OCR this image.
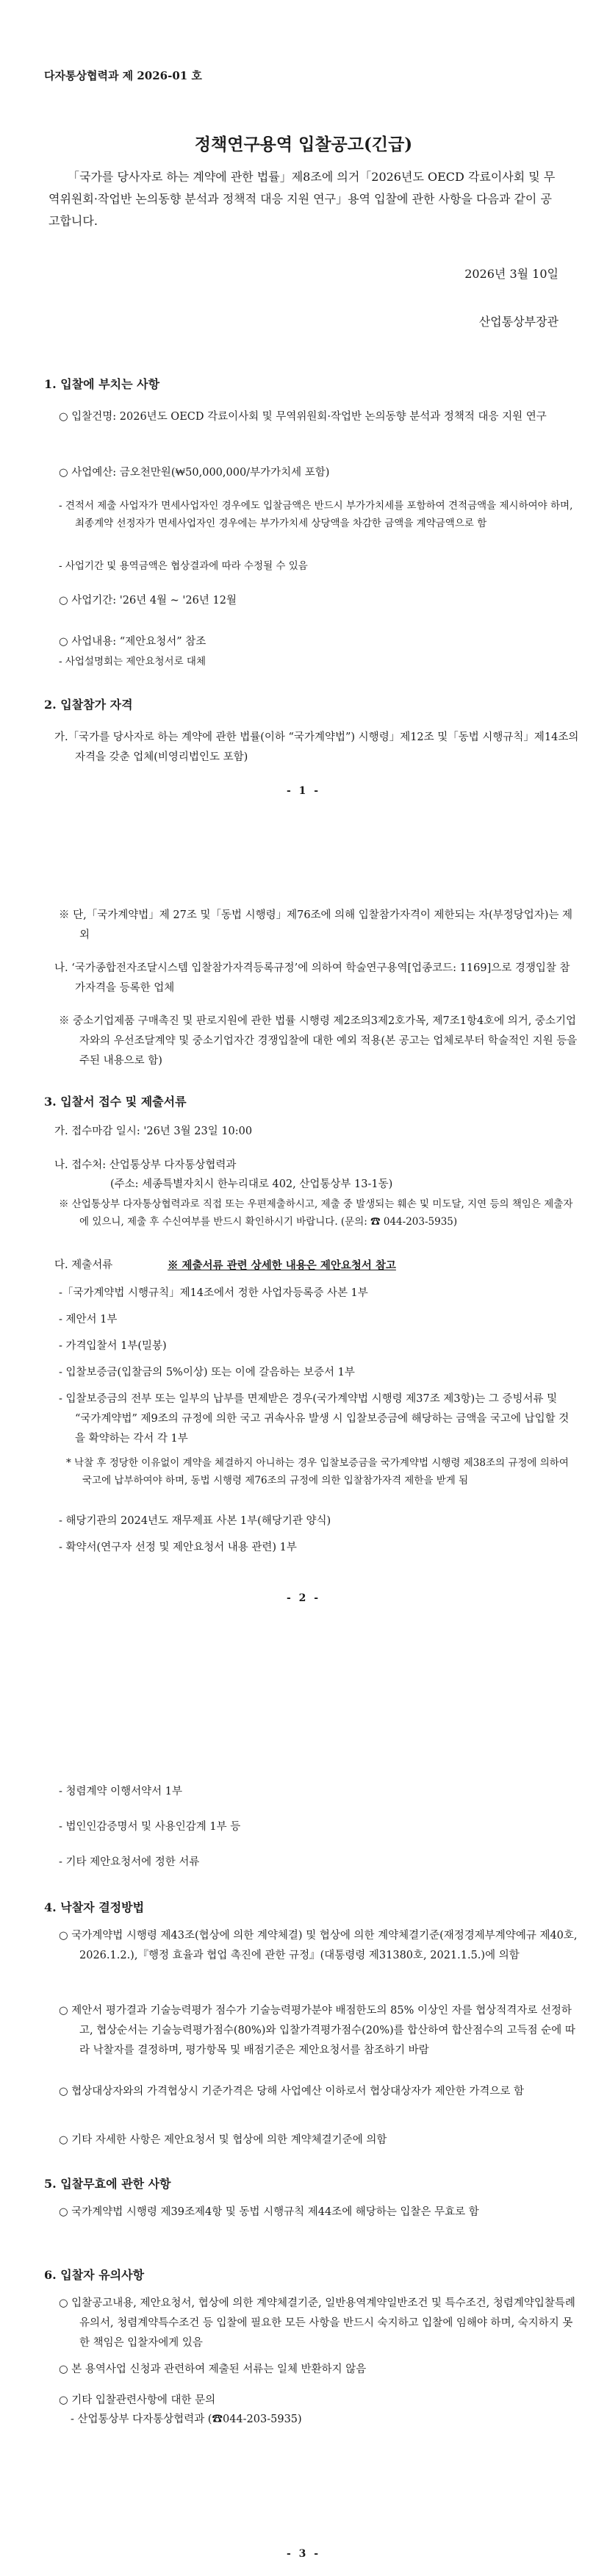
다자통상협력과 제 2026-01 호
정책연구용역 입찰공고(긴급)
「국가를 당사자로 하는 계약에 관한 법률」제8조에 의거「2026년도 OECD 각료이사회 및 무역위원회·작업반 논의동향 분석과 정책적 대응 지원 연구」용역 입찰에 관한 사항을 다음과 같이 공고합니다.
2026년 3월 10일
산업통상부장관
1. 입찰에 부치는 사항
○ 입찰건명: 2026년도 OECD 각료이사회 및 무역위원회·작업반 논의동향 분석과 정책적 대응 지원 연구
○ 사업예산: 금오천만원(₩50,000,000/부가가치세 포함)
- 견적서 제출 사업자가 면세사업자인 경우에도 입찰금액은 반드시 부가가치세를 포함하여 견적금액을 제시하여야 하며, 최종계약 선정자가 면세사업자인 경우에는 부가가치세 상당액을 차감한 금액을 계약금액으로 함
- 사업기간 및 용역금액은 협상결과에 따라 수정될 수 있음
○ 사업기간: '26년 4월 ~ '26년 12월
○ 사업내용: “제안요청서” 참조
- 사업설명회는 제안요청서로 대체
2. 입찰참가 자격
가.「국가를 당사자로 하는 계약에 관한 법률(이하 “국가계약법”) 시행령」제12조 및「동법 시행규칙」제14조의 자격을 갖춘 업체(비영리법인도 포함)
- 1 -
※ 단,「국가계약법」제 27조 및「동법 시행령」제76조에 의해 입찰참가자격이 제한되는 자(부정당업자)는 제외
나. ‘국가종합전자조달시스템 입찰참가자격등록규정’에 의하여 학술연구용역[업종코드: 1169]으로 경쟁입찰 참가자격을 등록한 업체
※ 중소기업제품 구매촉진 및 판로지원에 관한 법률 시행령 제2조의3제2호가목, 제7조1항4호에 의거, 중소기업자와의 우선조달계약 및 중소기업자간 경쟁입찰에 대한 예외 적용(본 공고는 업체로부터 학술적인 지원 등을 주된 내용으로 함)
3. 입찰서 접수 및 제출서류
가. 접수마감 일시: '26년 3월 23일 10:00
나. 접수처: 산업통상부 다자통상협력과
(주소: 세종특별자치시 한누리대로 402, 산업통상부 13-1동)
※ 산업통상부 다자통상협력과로 직접 또는 우편제출하시고, 제출 중 발생되는 훼손 및 미도달, 지연 등의 책임은 제출자에 있으니, 제출 후 수신여부를 반드시 확인하시기 바랍니다. (문의: ☎ 044-203-5935)
다. 제출서류	※ 제출서류 관련 상세한 내용은 제안요청서 참고
-「국가계약법 시행규칙」제14조에서 정한 사업자등록증 사본 1부
- 제안서 1부
- 가격입찰서 1부(밀봉)
- 입찰보증금(입찰금의 5%이상) 또는 이에 갈음하는 보증서 1부
- 입찰보증금의 전부 또는 일부의 납부를 면제받은 경우(국가계약법 시행령 제37조 제3항)는 그 증빙서류 및 “국가계약법” 제9조의 규정에 의한 국고 귀속사유 발생 시 입찰보증금에 해당하는 금액을 국고에 납입할 것을 확약하는 각서 각 1부
* 낙찰 후 정당한 이유없이 계약을 체결하지 아니하는 경우 입찰보증금을 국가계약법 시행령 제38조의 규정에 의하여 국고에 납부하여야 하며, 동법 시행령 제76조의 규정에 의한 입찰참가자격 제한을 받게 됨
- 해당기관의 2024년도 재무제표 사본 1부(해당기관 양식)
- 확약서(연구자 선정 및 제안요청서 내용 관련) 1부
- 2 -
- 청렴계약 이행서약서 1부
- 법인인감증명서 및 사용인감계 1부 등
- 기타 제안요청서에 정한 서류
4. 낙찰자 결정방법
○ 국가계약법 시행령 제43조(협상에 의한 계약체결) 및 협상에 의한 계약체결기준(재정경제부계약예규 제40호, 2026.1.2.),『행정 효율과 협업 촉진에 관한 규정』(대통령령 제31380호, 2021.1.5.)에 의함
○ 제안서 평가결과 기술능력평가 점수가 기술능력평가분야 배점한도의 85% 이상인 자를 협상적격자로 선정하고, 협상순서는 기술능력평가점수(80%)와 입찰가격평가점수(20%)를 합산하여 합산점수의 고득점 순에 따라 낙찰자를 결정하며, 평가항목 및 배점기준은 제안요청서를 참조하기 바람
○ 협상대상자와의 가격협상시 기준가격은 당해 사업예산 이하로서 협상대상자가 제안한 가격으로 함
○ 기타 자세한 사항은 제안요청서 및 협상에 의한 계약체결기준에 의함
5. 입찰무효에 관한 사항
○ 국가계약법 시행령 제39조제4항 및 동법 시행규칙 제44조에 해당하는 입찰은 무효로 함
6. 입찰자 유의사항
○ 입찰공고내용, 제안요청서, 협상에 의한 계약체결기준, 일반용역계약일반조건 및 특수조건, 청렴계약입찰특례유의서, 청렴계약특수조건 등 입찰에 필요한 모든 사항을 반드시 숙지하고 입찰에 임해야 하며, 숙지하지 못한 책임은 입찰자에게 있음
○ 본 용역사업 신청과 관련하여 제출된 서류는 일체 반환하지 않음
○ 기타 입찰관련사항에 대한 문의
- 산업통상부 다자통상협력과 (☎044-203-5935)
- 3 -
